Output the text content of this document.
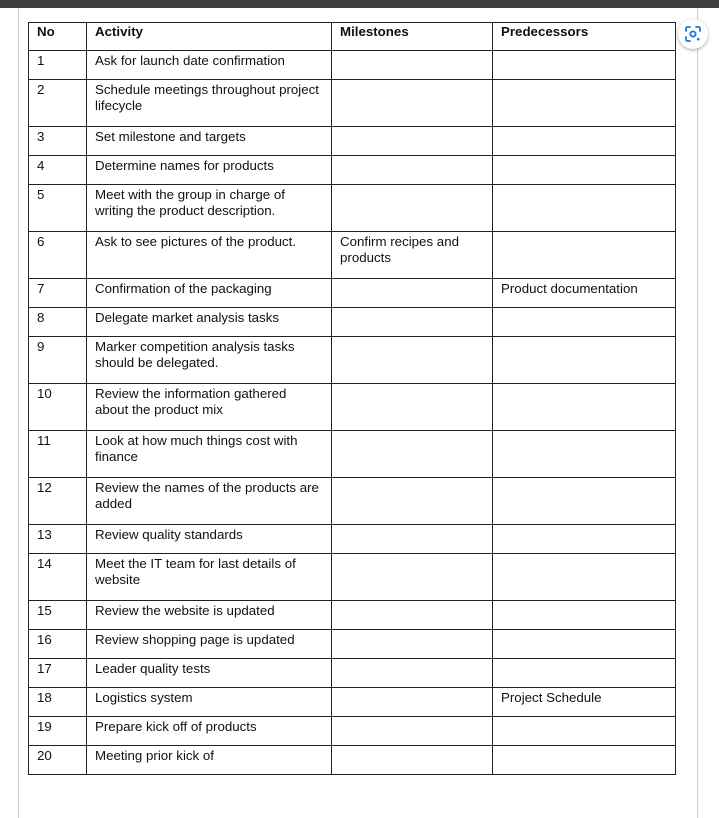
No	Activity	Milestones	Predecessors
1	Ask for launch date confirmation		
2	Schedule meetings throughout project lifecycle		
3	Set milestone and targets		
4	Determine names for products		
5	Meet with the group in charge of writing the product description.		
6	Ask to see pictures of the product.	Confirm recipes and products	
7	Confirmation of the packaging		Product documentation
8	Delegate market analysis tasks		
9	Marker competition analysis tasks should be delegated.		
10	Review the information gathered about the product mix		
11	Look at how much things cost with finance		
12	Review the names of the products are added		
13	Review quality standards		
14	Meet the IT team for last details of website		
15	Review the website is updated		
16	Review shopping page is updated		
17	Leader quality tests		
18	Logistics system		Project Schedule
19	Prepare kick off of products		
20	Meeting prior kick of		
